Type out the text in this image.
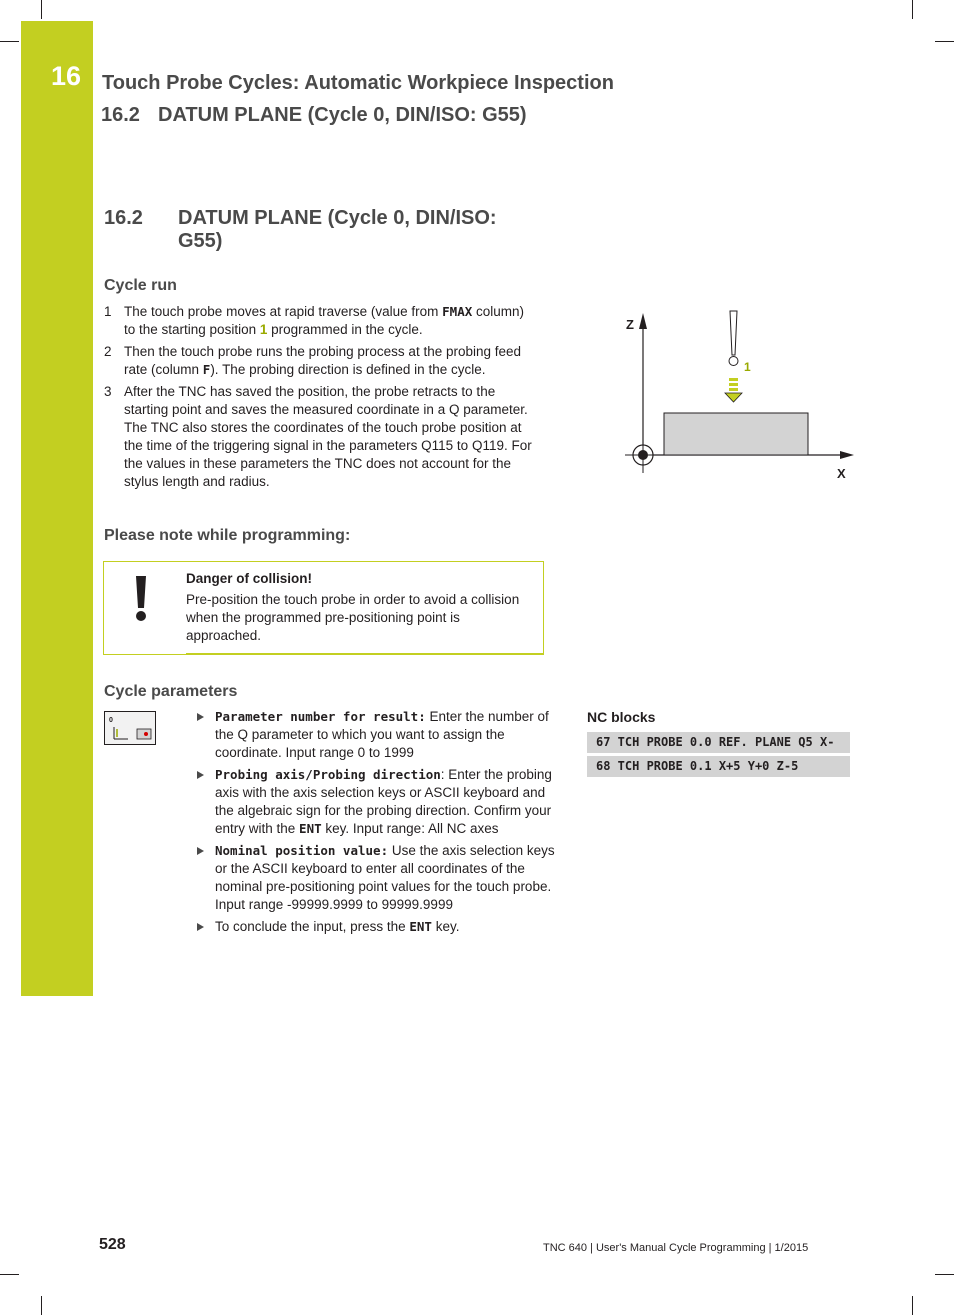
16 Touch Probe Cycles: Automatic Workpiece Inspection
16.2 DATUM PLANE (Cycle 0, DIN/ISO: G55)
16.2 DATUM PLANE (Cycle 0, DIN/ISO: G55)
Cycle run
1 The touch probe moves at rapid traverse (value from FMAX column) to the starting position 1 programmed in the cycle.
2 Then the touch probe runs the probing process at the probing feed rate (column F). The probing direction is defined in the cycle.
3 After the TNC has saved the position, the probe retracts to the starting point and saves the measured coordinate in a Q parameter. The TNC also stores the coordinates of the touch probe position at the time of the triggering signal in the parameters Q115 to Q119. For the values in these parameters the TNC does not account for the stylus length and radius.
Z
X
1
Please note while programming:
Danger of collision!
Pre-position the touch probe in order to avoid a collision when the programmed pre-positioning point is approached.
Cycle parameters
0	Parameter number for result: Enter the number of the Q parameter to which you want to assign the coordinate. Input range 0 to 1999
Probing axis/Probing direction: Enter the probing axis with the axis selection keys or ASCII keyboard and the algebraic sign for the probing direction. Confirm your entry with the ENT key. Input range: All NC axes
Nominal position value: Use the axis selection keys or the ASCII keyboard to enter all coordinates of the nominal pre-positioning point values for the touch probe. Input range -99999.9999 to 99999.9999
To conclude the input, press the ENT key.
NC blocks
67 TCH PROBE 0.0 REF. PLANE Q5 X-
68 TCH PROBE 0.1 X+5 Y+0 Z-5
528	TNC 640 | User's Manual Cycle Programming | 1/2015
